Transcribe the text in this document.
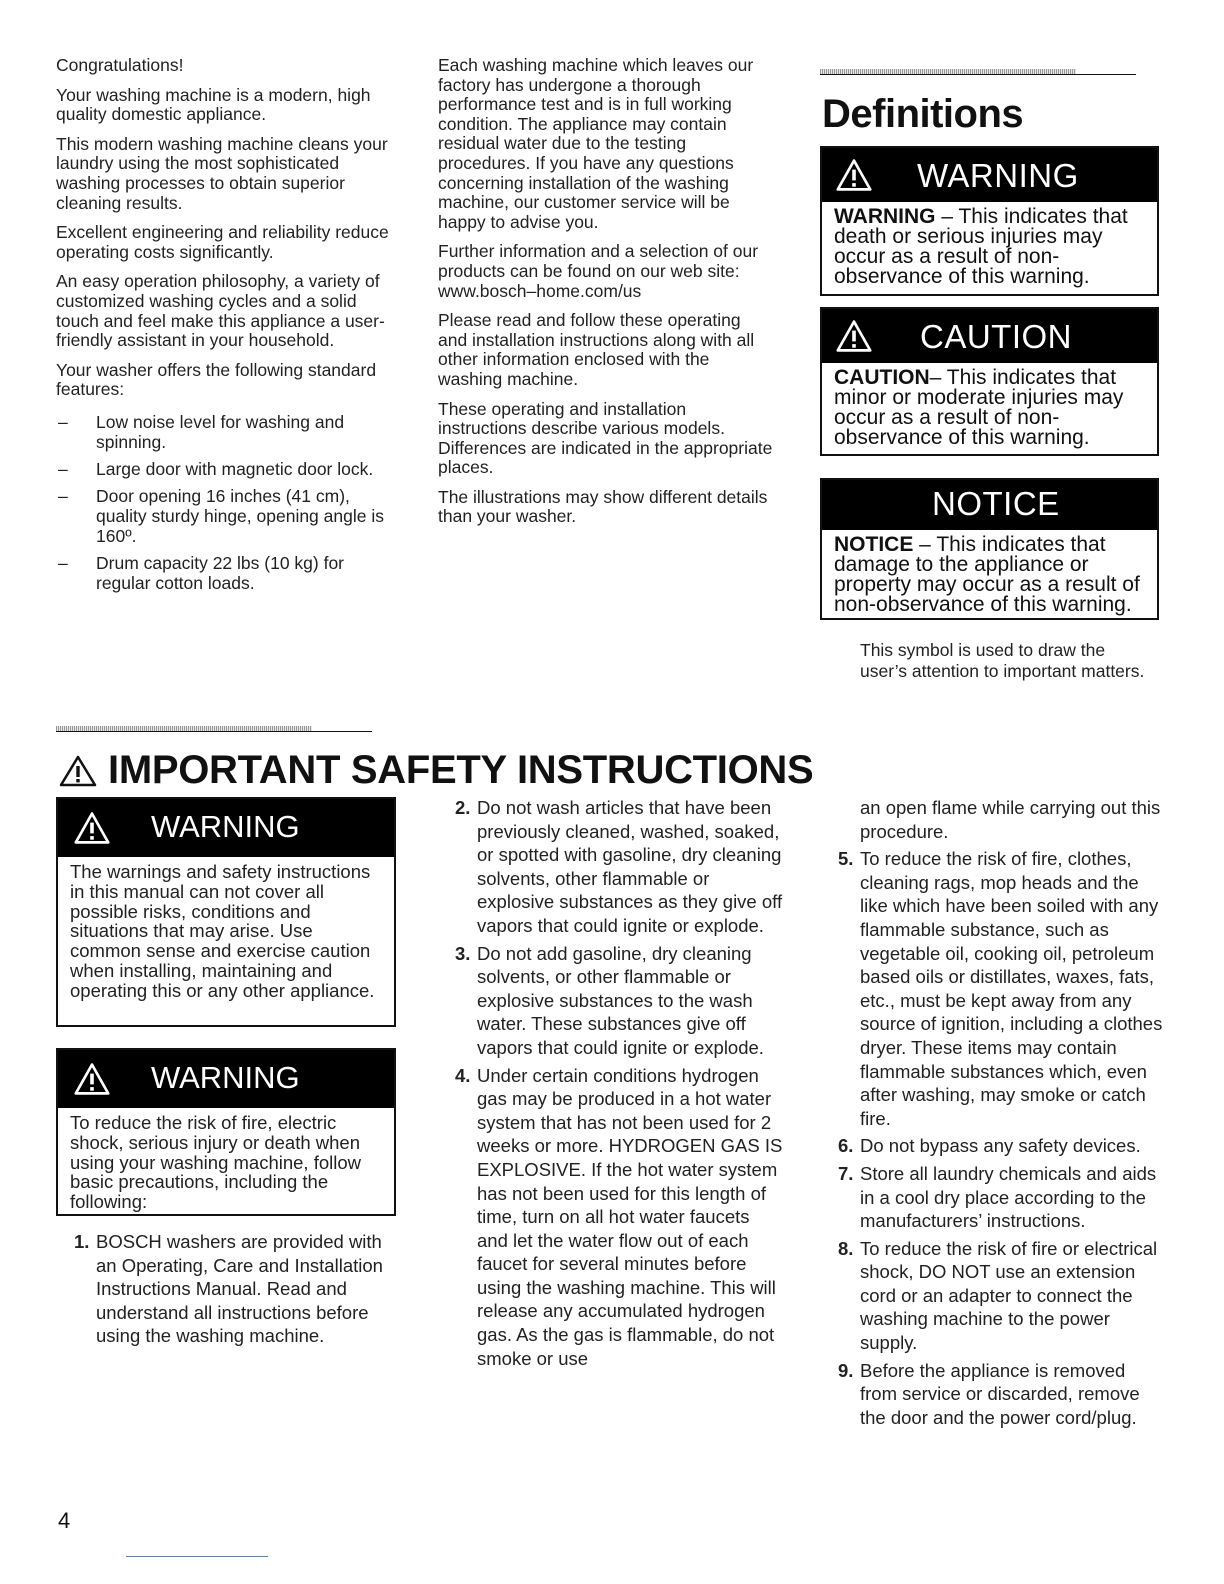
Congratulations!

Your washing machine is a modern, high quality domestic appliance.

This modern washing machine cleans your laundry using the most sophisticated washing processes to obtain superior cleaning results.

Excellent engineering and reliability reduce operating costs significantly.

An easy operation philosophy, a variety of customized washing cycles and a solid touch and feel make this appliance a user-friendly assistant in your household.

Your washer offers the following standard features:

– Low noise level for washing and spinning.
– Large door with magnetic door lock.
– Door opening 16 inches (41 cm), quality sturdy hinge, opening angle is 160º.
– Drum capacity 22 lbs (10 kg) for regular cotton loads.

Each washing machine which leaves our factory has undergone a thorough performance test and is in full working condition. The appliance may contain residual water due to the testing procedures. If you have any questions concerning installation of the washing machine, our customer service will be happy to advise you.

Further information and a selection of our products can be found on our web site: www.bosch–home.com/us

Please read and follow these operating and installation instructions along with all other information enclosed with the washing machine.

These operating and installation instructions describe various models. Differences are indicated in the appropriate places.

The illustrations may show different details than your washer.

Definitions
WARNING
WARNING – This indicates that death or serious injuries may occur as a result of non-observance of this warning.
CAUTION
CAUTION– This indicates that minor or moderate injuries may occur as a result of non-observance of this warning.
NOTICE
NOTICE – This indicates that damage to the appliance or property may occur as a result of non-observance of this warning.
This symbol is used to draw the user’s attention to important matters.
IMPORTANT SAFETY INSTRUCTIONS
WARNING
The warnings and safety instructions in this manual can not cover all possible risks, conditions and situations that may arise. Use common sense and exercise caution when installing, maintaining and operating this or any other appliance.
WARNING
To reduce the risk of fire, electric shock, serious injury or death when using your washing machine, follow basic precautions, including the following:
1. BOSCH washers are provided with an Operating, Care and Installation Instructions Manual. Read and understand all instructions before using the washing machine.
2. Do not wash articles that have been previously cleaned, washed, soaked, or spotted with gasoline, dry cleaning solvents, other flammable or explosive substances as they give off vapors that could ignite or explode.
3. Do not add gasoline, dry cleaning solvents, or other flammable or explosive substances to the wash water. These substances give off vapors that could ignite or explode.
4. Under certain conditions hydrogen gas may be produced in a hot water system that has not been used for 2 weeks or more. HYDROGEN GAS IS EXPLOSIVE. If the hot water system has not been used for this length of time, turn on all hot water faucets and let the water flow out of each faucet for several minutes before using the washing machine. This will release any accumulated hydrogen gas. As the gas is flammable, do not smoke or use
an open flame while carrying out this procedure.
5. To reduce the risk of fire, clothes, cleaning rags, mop heads and the like which have been soiled with any flammable substance, such as vegetable oil, cooking oil, petroleum based oils or distillates, waxes, fats, etc., must be kept away from any source of ignition, including a clothes dryer. These items may contain flammable substances which, even after washing, may smoke or catch fire.
6. Do not bypass any safety devices.
7. Store all laundry chemicals and aids in a cool dry place according to the manufacturers’ instructions.
8. To reduce the risk of fire or electrical shock, DO NOT use an extension cord or an adapter to connect the washing machine to the power supply.
9. Before the appliance is removed from service or discarded, remove the door and the power cord/plug.
4
